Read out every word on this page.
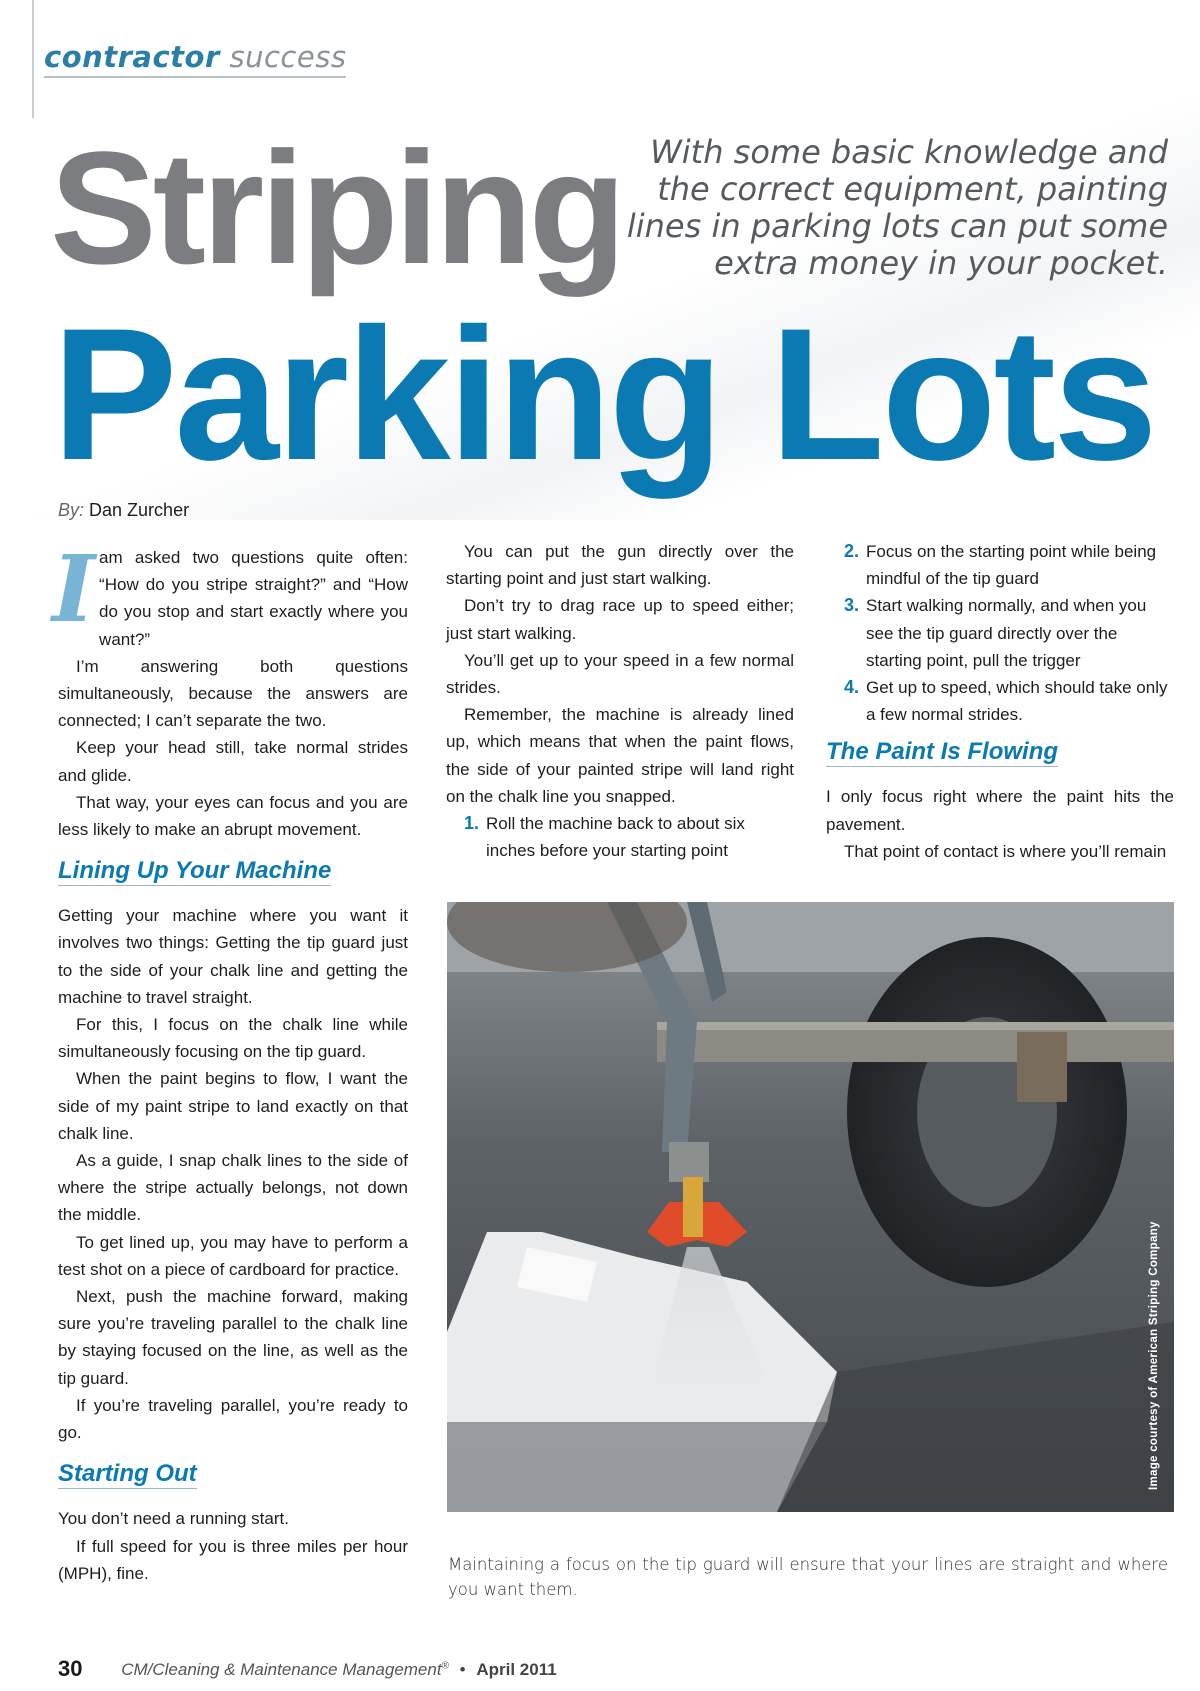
contractor success
Striping With some basic knowledge and the correct equipment, painting lines in parking lots can put some extra money in your pocket.
Parking Lots
By: Dan Zurcher

Iam asked two questions quite often: “How do you stripe straight?” and “How do you stop and start exactly where you want?”

I’m answering both questions simultaneously, because the answers are connected; I can’t separate the two.

Keep your head still, take normal strides and glide.

That way, your eyes can focus and you are less likely to make an abrupt movement.

Lining Up Your Machine

Getting your machine where you want it involves two things: Getting the tip guard just to the side of your chalk line and getting the machine to travel straight.

For this, I focus on the chalk line while simultaneously focusing on the tip guard.

When the paint begins to flow, I want the side of my paint stripe to land exactly on that chalk line.

As a guide, I snap chalk lines to the side of where the stripe actually belongs, not down the middle.

To get lined up, you may have to perform a test shot on a piece of cardboard for practice.

Next, push the machine forward, making sure you’re traveling parallel to the chalk line by staying focused on the line, as well as the tip guard.

If you’re traveling parallel, you’re ready to go.

Starting Out

You don’t need a running start.

If full speed for you is three miles per hour (MPH), fine.

You can put the gun directly over the starting point and just start walking.

Don’t try to drag race up to speed either; just start walking.

You’ll get up to your speed in a few normal strides.

Remember, the machine is already lined up, which means that when the paint flows, the side of your painted stripe will land right on the chalk line you snapped.

1. Roll the machine back to about six inches before your starting point
2. Focus on the starting point while being mindful of the tip guard
3. Start walking normally, and when you see the tip guard directly over the starting point, pull the trigger
4. Get up to speed, which should take only a few normal strides.
The Paint Is Flowing

I only focus right where the paint hits the pavement.

That point of contact is where you’ll remain

Image courtesy of American Striping Company
Maintaining a focus on the tip guard will ensure that your lines are straight and where you want them.
30 CM/Cleaning & Maintenance Management® • April 2011
